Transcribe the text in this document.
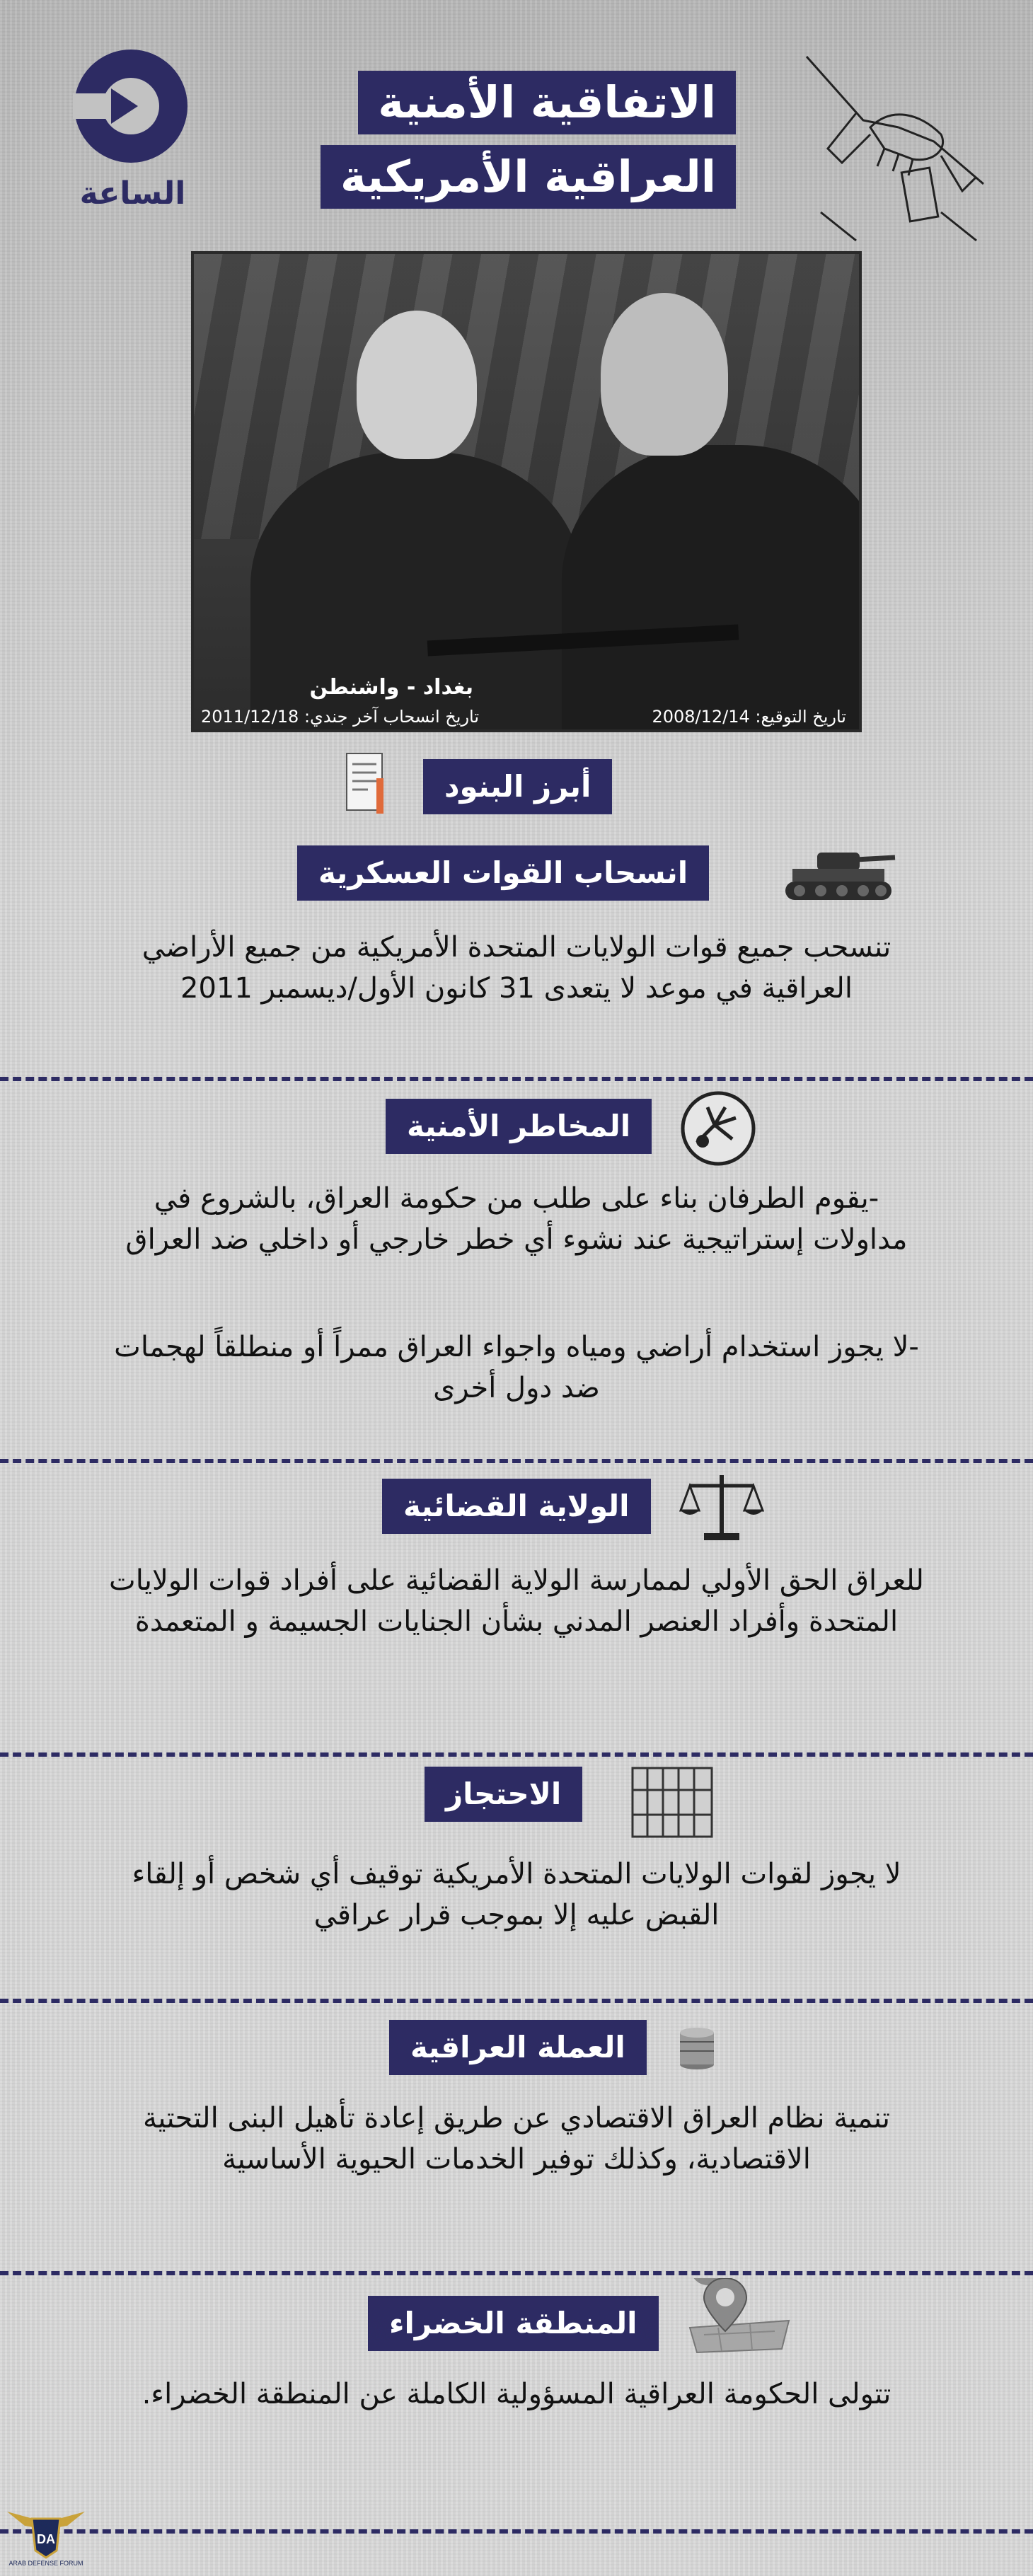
الساعة
الاتفاقية الأمنية
العراقية الأمريكية
بغداد - واشنطن
تاريخ التوقيع: 2008/12/14
تاريخ انسحاب آخر جندي: 2011/12/18
أبرز البنود
انسحاب القوات العسكرية
تنسحب جميع قوات الولايات المتحدة الأمريكية من جميع الأراضي العراقية في موعد لا يتعدى 31 كانون الأول/ديسمبر 2011
المخاطر الأمنية
-يقوم الطرفان بناء على طلب من حكومة العراق، بالشروع في مداولات إستراتيجية عند نشوء أي خطر خارجي أو داخلي ضد العراق
-لا يجوز استخدام أراضي ومياه واجواء العراق ممراً أو منطلقاً لهجمات ضد دول أخرى
الولاية القضائية
للعراق الحق الأولي لممارسة الولاية القضائية على أفراد قوات الولايات المتحدة وأفراد العنصر المدني بشأن الجنايات الجسيمة و المتعمدة
الاحتجاز
لا يجوز لقوات الولايات المتحدة الأمريكية توقيف أي شخص أو إلقاء القبض عليه إلا بموجب قرار عراقي
العملة العراقية
تنمية نظام العراق الاقتصادي عن طريق إعادة تأهيل البنى التحتية الاقتصادية، وكذلك توفير الخدمات الحيوية الأساسية
المنطقة الخضراء
تتولى الحكومة العراقية المسؤولية الكاملة عن المنطقة الخضراء.
DA
ARAB DEFENSE FORUM
